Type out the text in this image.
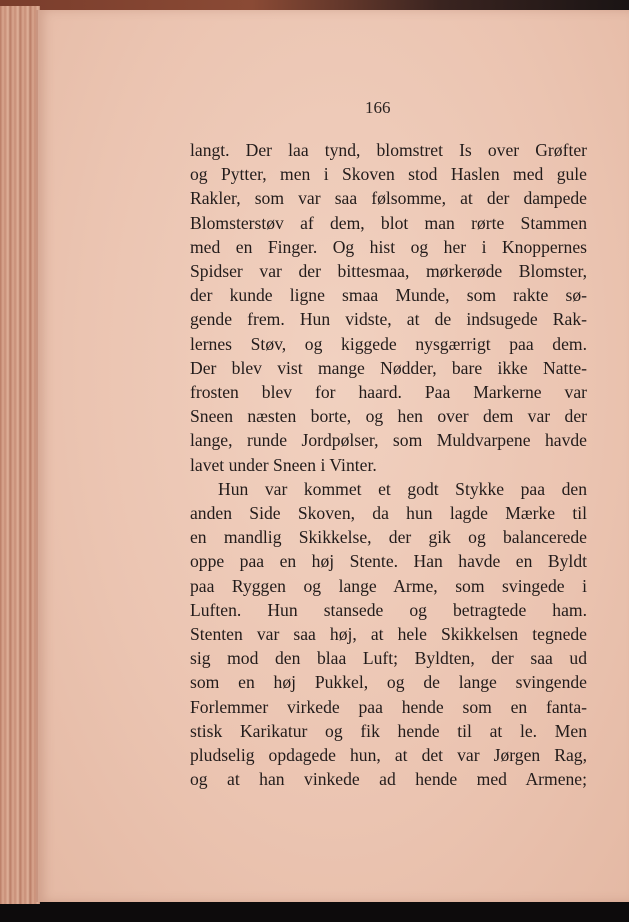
166
langt. Der laa tynd, blomstret Is over Grøfter
og Pytter, men i Skoven stod Haslen med gule
Rakler, som var saa følsomme, at der dampede
Blomsterstøv af dem, blot man rørte Stammen
med en Finger. Og hist og her i Knoppernes
Spidser var der bittesmaa, mørkerøde Blomster,
der kunde ligne smaa Munde, som rakte sø-
gende frem. Hun vidste, at de indsugede Rak-
lernes Støv, og kiggede nysgærrigt paa dem.
Der blev vist mange Nødder, bare ikke Natte-
frosten blev for haard. Paa Markerne var
Sneen næsten borte, og hen over dem var der
lange, runde Jordpølser, som Muldvarpene havde
lavet under Sneen i Vinter.
Hun var kommet et godt Stykke paa den
anden Side Skoven, da hun lagde Mærke til
en mandlig Skikkelse, der gik og balancerede
oppe paa en høj Stente. Han havde en Byldt
paa Ryggen og lange Arme, som svingede i
Luften. Hun stansede og betragtede ham.
Stenten var saa høj, at hele Skikkelsen tegnede
sig mod den blaa Luft; Byldten, der saa ud
som en høj Pukkel, og de lange svingende
Forlemmer virkede paa hende som en fanta-
stisk Karikatur og fik hende til at le. Men
pludselig opdagede hun, at det var Jørgen Rag,
og at han vinkede ad hende med Armene;
